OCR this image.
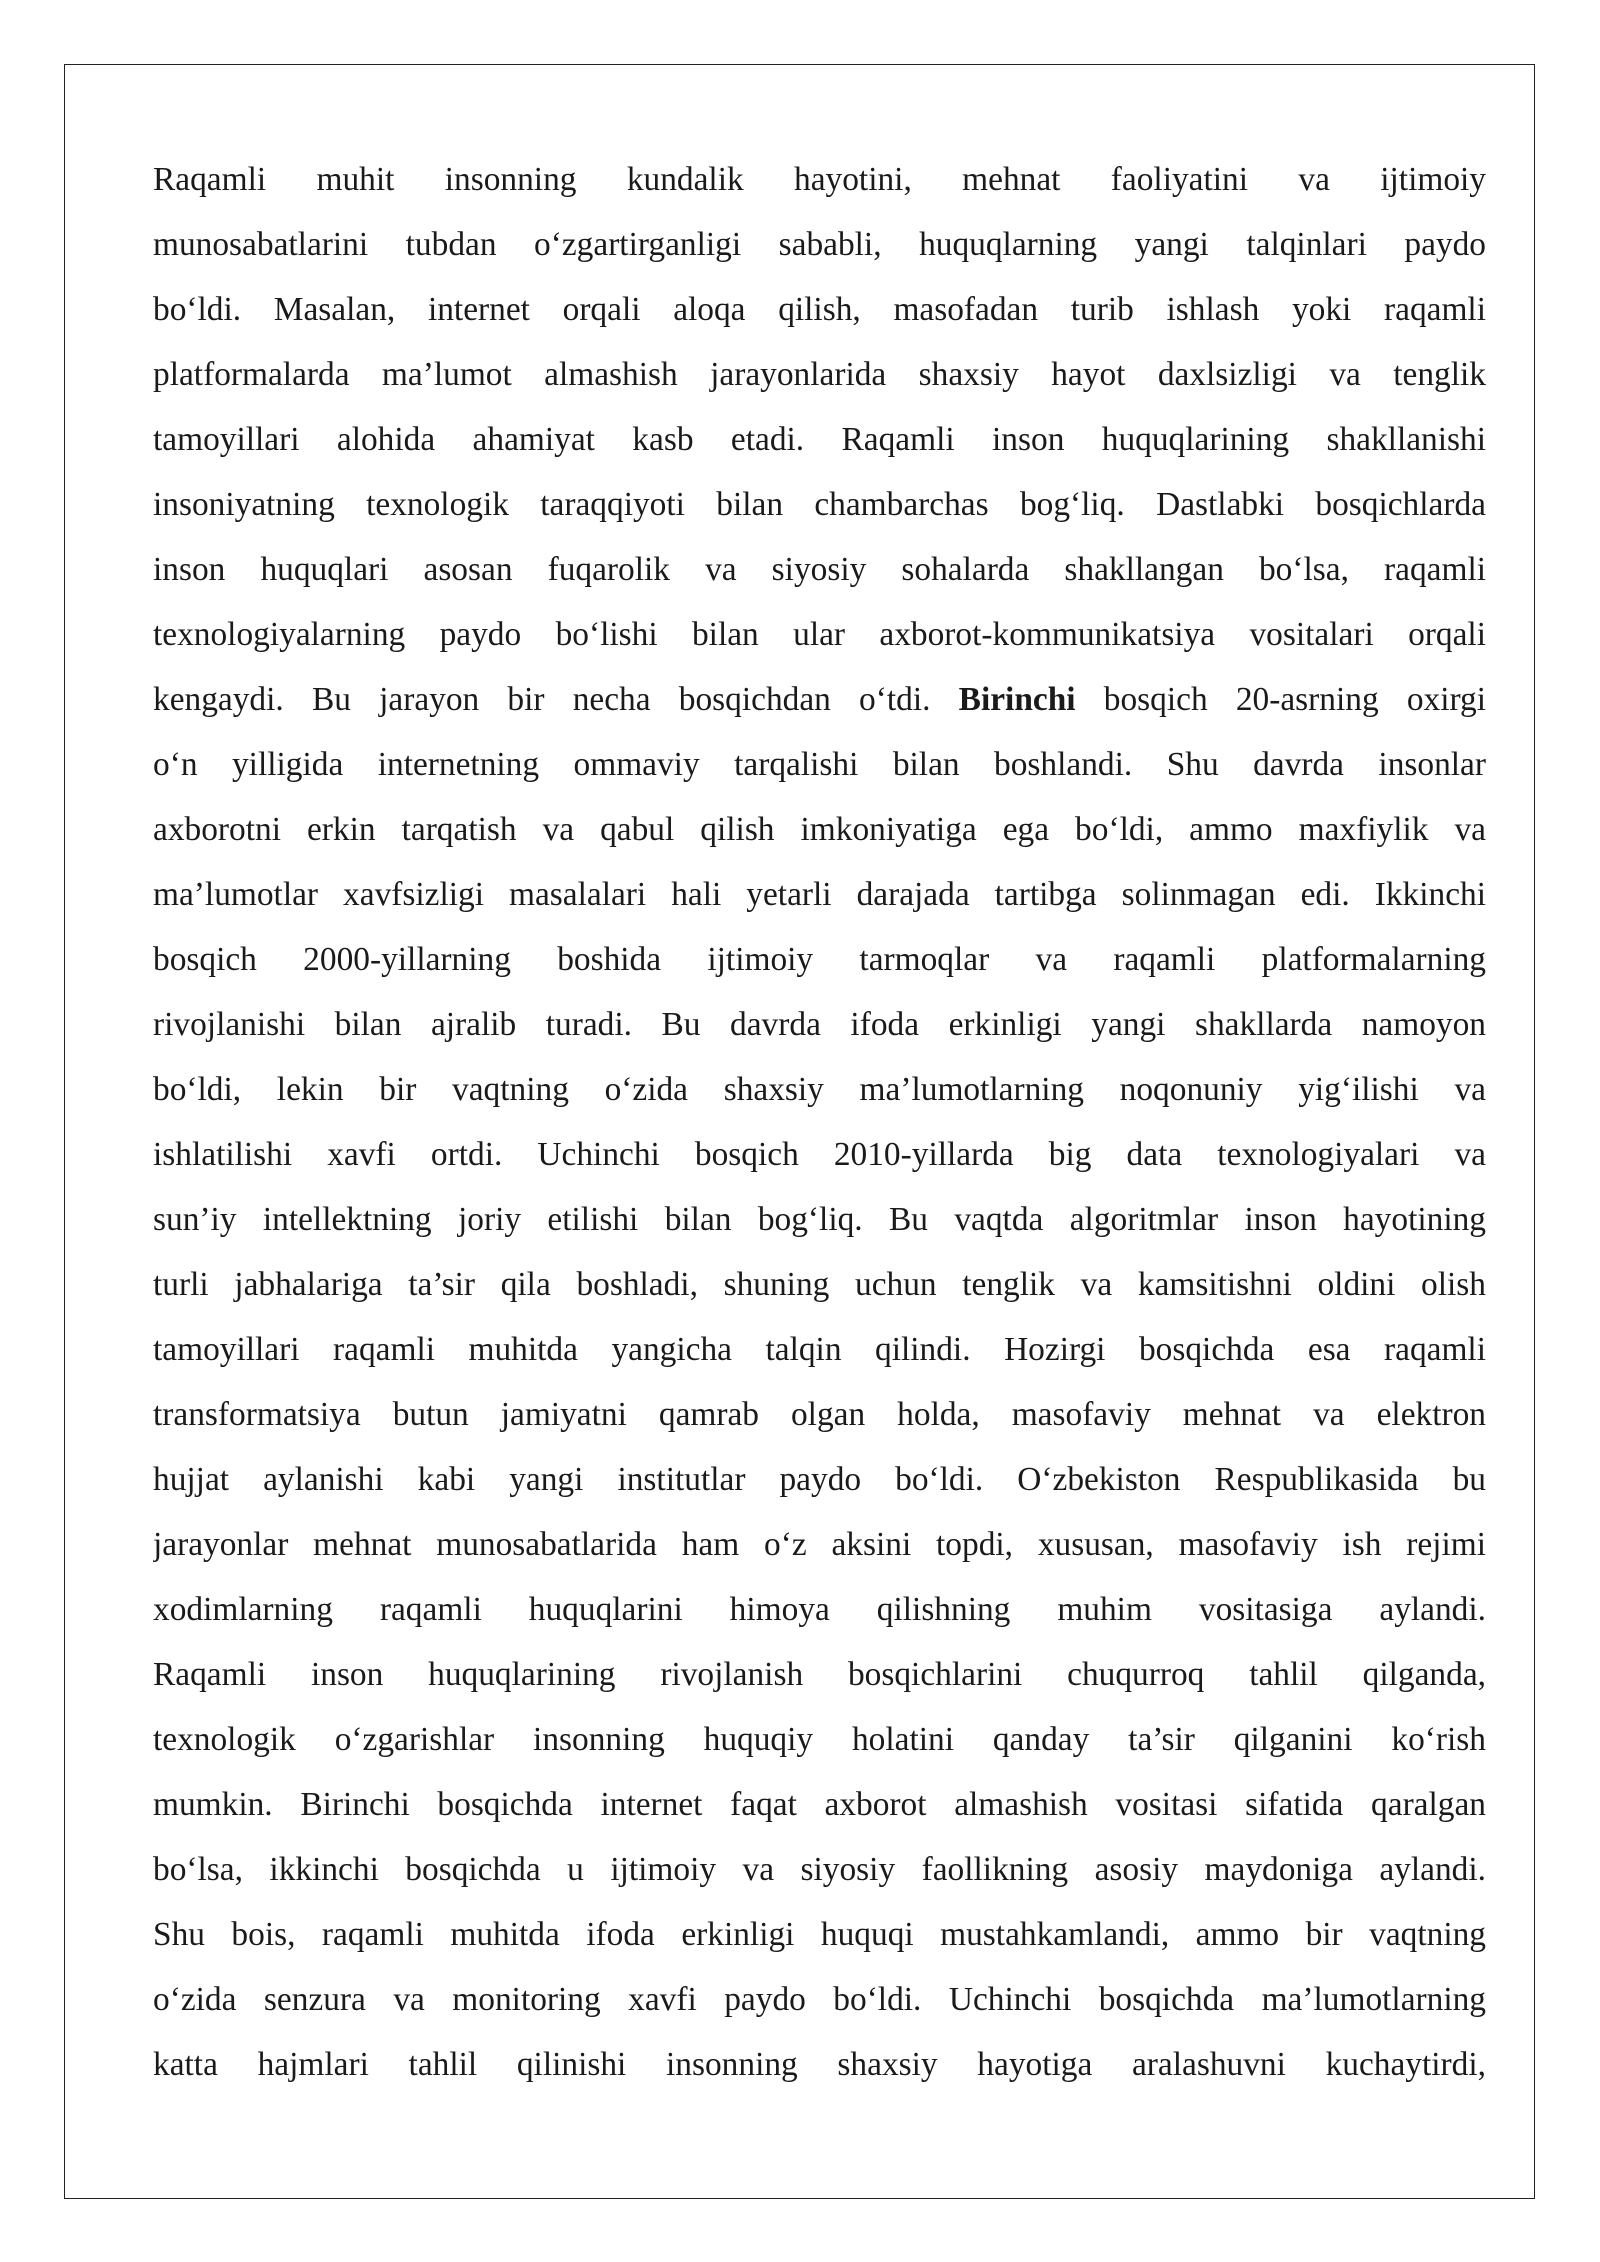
Raqamli muhit insonning kundalik hayotini, mehnat faoliyatini va ijtimoiy
munosabatlarini tubdan o‘zgartirganligi sababli, huquqlarning yangi talqinlari paydo
bo‘ldi. Masalan, internet orqali aloqa qilish, masofadan turib ishlash yoki raqamli
platformalarda ma’lumot almashish jarayonlarida shaxsiy hayot daxlsizligi va tenglik
tamoyillari alohida ahamiyat kasb etadi. Raqamli inson huquqlarining shakllanishi
insoniyatning texnologik taraqqiyoti bilan chambarchas bog‘liq. Dastlabki bosqichlarda
inson huquqlari asosan fuqarolik va siyosiy sohalarda shakllangan bo‘lsa, raqamli
texnologiyalarning paydo bo‘lishi bilan ular axborot-kommunikatsiya vositalari orqali
kengaydi. Bu jarayon bir necha bosqichdan o‘tdi. Birinchi bosqich 20-asrning oxirgi
o‘n yilligida internetning ommaviy tarqalishi bilan boshlandi. Shu davrda insonlar
axborotni erkin tarqatish va qabul qilish imkoniyatiga ega bo‘ldi, ammo maxfiylik va
ma’lumotlar xavfsizligi masalalari hali yetarli darajada tartibga solinmagan edi. Ikkinchi
bosqich 2000-yillarning boshida ijtimoiy tarmoqlar va raqamli platformalarning
rivojlanishi bilan ajralib turadi. Bu davrda ifoda erkinligi yangi shakllarda namoyon
bo‘ldi, lekin bir vaqtning o‘zida shaxsiy ma’lumotlarning noqonuniy yig‘ilishi va
ishlatilishi xavfi ortdi. Uchinchi bosqich 2010-yillarda big data texnologiyalari va
sun’iy intellektning joriy etilishi bilan bog‘liq. Bu vaqtda algoritmlar inson hayotining
turli jabhalariga ta’sir qila boshladi, shuning uchun tenglik va kamsitishni oldini olish
tamoyillari raqamli muhitda yangicha talqin qilindi. Hozirgi bosqichda esa raqamli
transformatsiya butun jamiyatni qamrab olgan holda, masofaviy mehnat va elektron
hujjat aylanishi kabi yangi institutlar paydo bo‘ldi. O‘zbekiston Respublikasida bu
jarayonlar mehnat munosabatlarida ham o‘z aksini topdi, xususan, masofaviy ish rejimi
xodimlarning raqamli huquqlarini himoya qilishning muhim vositasiga aylandi.
Raqamli inson huquqlarining rivojlanish bosqichlarini chuqurroq tahlil qilganda,
texnologik o‘zgarishlar insonning huquqiy holatini qanday ta’sir qilganini ko‘rish
mumkin. Birinchi bosqichda internet faqat axborot almashish vositasi sifatida qaralgan
bo‘lsa, ikkinchi bosqichda u ijtimoiy va siyosiy faollikning asosiy maydoniga aylandi.
Shu bois, raqamli muhitda ifoda erkinligi huquqi mustahkamlandi, ammo bir vaqtning
o‘zida senzura va monitoring xavfi paydo bo‘ldi. Uchinchi bosqichda ma’lumotlarning
katta hajmlari tahlil qilinishi insonning shaxsiy hayotiga aralashuvni kuchaytirdi,
